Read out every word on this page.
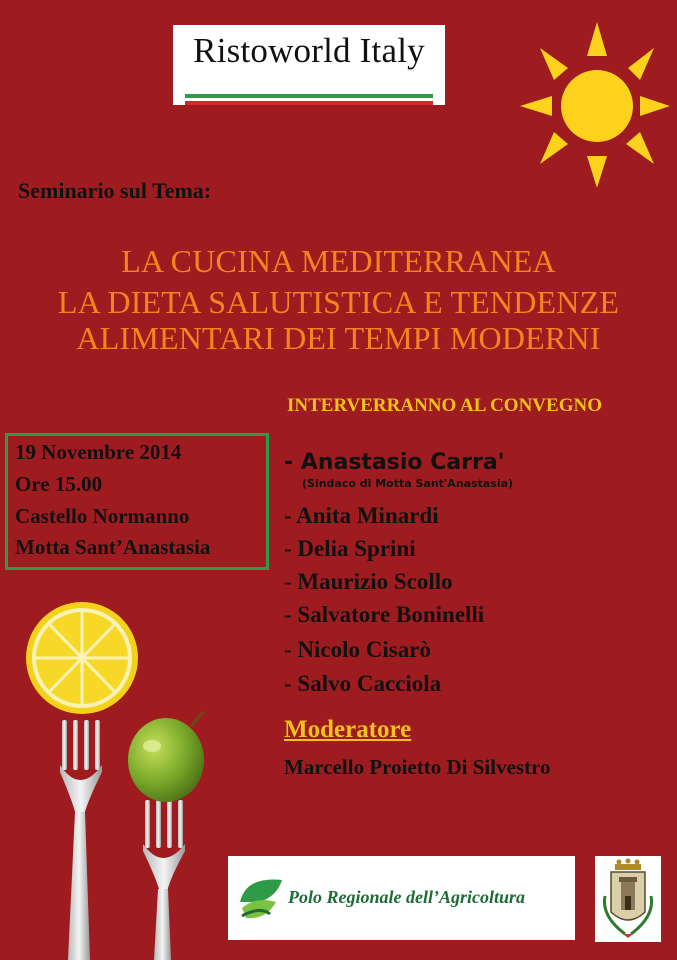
Ristoworld Italy
Seminario sul Tema:
LA CUCINA MEDITERRANEA
LA DIETA SALUTISTICA E TENDENZE
ALIMENTARI DEI TEMPI MODERNI
INTERVERRANNO AL CONVEGNO
19 Novembre 2014
Ore 15.00
Castello Normanno
Motta Sant’Anastasia
- Anastasio Carra'
(Sindaco di Motta Sant'Anastasia)
- Anita Minardi
- Delia Sprini
- Maurizio Scollo
- Salvatore Boninelli
- Nicolo Cisarò
- Salvo Cacciola
Moderatore
Marcello Proietto Di Silvestro
Polo Regionale dell’Agricoltura
